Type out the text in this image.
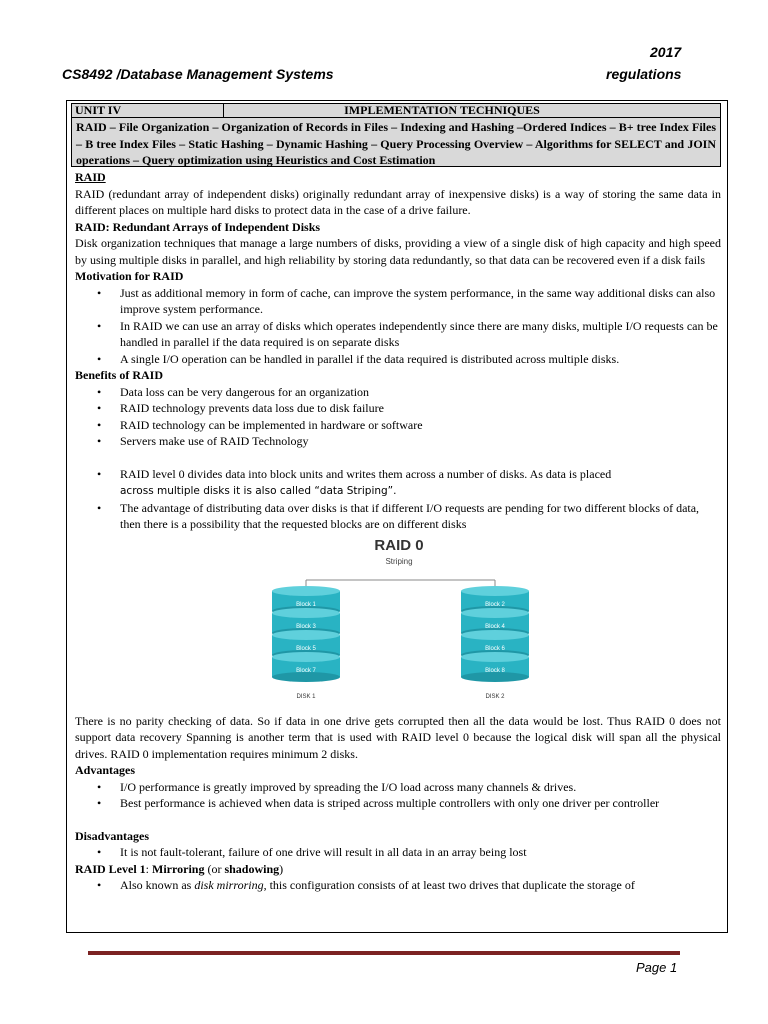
2017
CS8492 /Database Management Systems	regulations
UNIT IV	IMPLEMENTATION TECHNIQUES
RAID – File Organization – Organization of Records in Files – Indexing and Hashing –Ordered Indices – B+ tree Index Files – B tree Index Files – Static Hashing – Dynamic Hashing – Query Processing Overview – Algorithms for SELECT and JOIN operations – Query optimization using Heuristics and Cost Estimation

RAID

RAID (redundant array of independent disks) originally redundant array of inexpensive disks) is a way of storing the same data in different places on multiple hard disks to protect data in the case of a drive failure.

RAID: Redundant Arrays of Independent Disks

Disk organization techniques that manage a large numbers of disks, providing a view of a single disk of high capacity and high speed by using multiple disks in parallel, and high reliability by storing data redundantly, so that data can be recovered even if a disk fails

Motivation for RAID

• Just as additional memory in form of cache, can improve the system performance, in the same way additional disks can also improve system performance.
• In RAID we can use an array of disks which operates independently since there are many disks, multiple I/O requests can be handled in parallel if the data required is on separate disks
• A single I/O operation can be handled in parallel if the data required is distributed across multiple disks.

Benefits of RAID

• Data loss can be very dangerous for an organization
• RAID technology prevents data loss due to disk failure
• RAID technology can be implemented in hardware or software
• Servers make use of RAID Technology
• RAID level 0 divides data into block units and writes them across a number of disks. As data is placed
across multiple disks it is also called “data Striping”.
• The advantage of distributing data over disks is that if different I/O requests are pending for two different blocks of data, then there is a possibility that the requested blocks are on different disks
RAID 0
Striping
Block 1
Block 3
Block 5
Block 7
Block 2
Block 4
Block 6
Block 8
DISK 1	DISK 2

There is no parity checking of data. So if data in one drive gets corrupted then all the data would be lost. Thus RAID 0 does not support data recovery Spanning is another term that is used with RAID level 0 because the logical disk will span all the physical drives. RAID 0 implementation requires minimum 2 disks.

Advantages

• I/O performance is greatly improved by spreading the I/O load across many channels & drives.
• Best performance is achieved when data is striped across multiple controllers with only one driver per controller

Disadvantages

• It is not fault-tolerant, failure of one drive will result in all data in an array being lost

RAID Level 1: Mirroring (or shadowing)

• Also known as disk mirroring, this configuration consists of at least two drives that duplicate the storage of
Page 1
